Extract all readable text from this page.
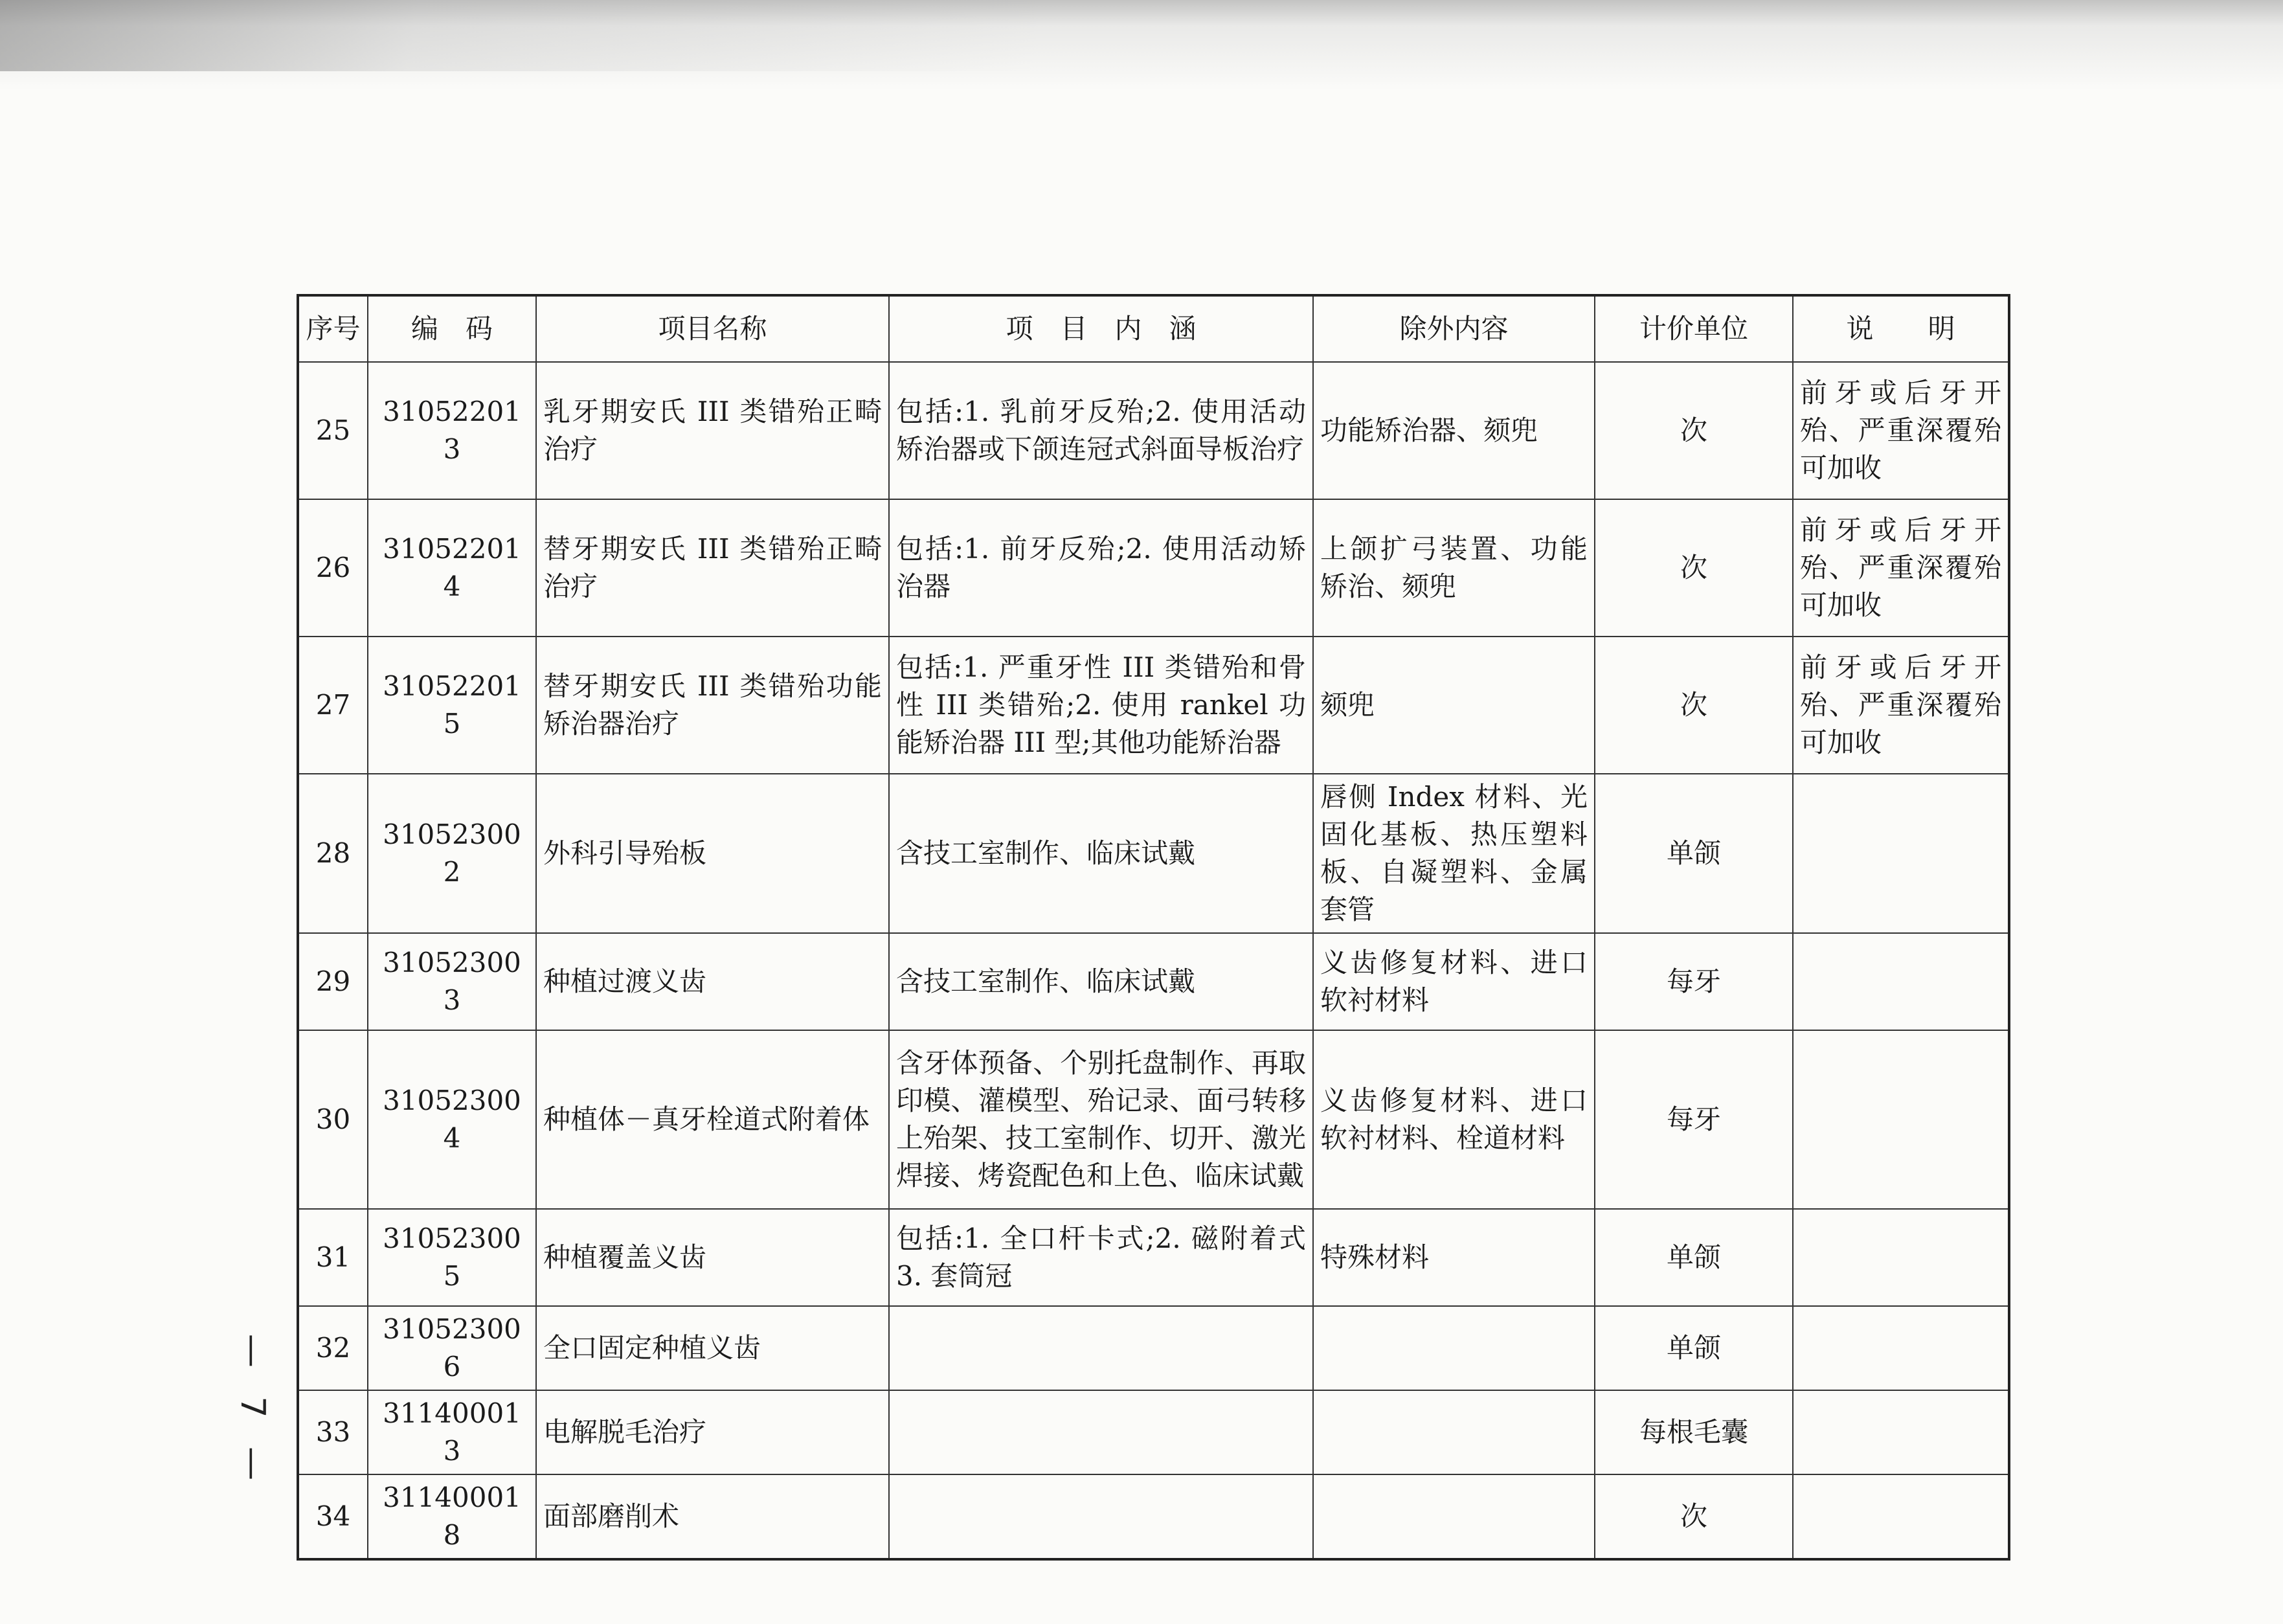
序号	编　码	项目名称	项　目　内　涵	除外内容	计价单位	说　　明
25	310522013	乳牙期安氏 III 类错殆正畸治疗	包括:1. 乳前牙反殆;2. 使用活动矫治器或下颌连冠式斜面导板治疗	功能矫治器、颏兜	次	前牙或后牙开殆、严重深覆殆可加收
26	310522014	替牙期安氏 III 类错殆正畸治疗	包括:1. 前牙反殆;2. 使用活动矫治器	上颌扩弓装置、功能矫治、颏兜	次	前牙或后牙开殆、严重深覆殆可加收
27	310522015	替牙期安氏 III 类错殆功能矫治器治疗	包括:1. 严重牙性 III 类错殆和骨性 III 类错殆;2. 使用 rankel 功能矫治器 III 型;其他功能矫治器	颏兜	次	前牙或后牙开殆、严重深覆殆可加收
28	310523002	外科引导殆板	含技工室制作、临床试戴	唇侧 Index 材料、光固化基板、热压塑料板、自凝塑料、金属套管	单颌	
29	310523003	种植过渡义齿	含技工室制作、临床试戴	义齿修复材料、进口软衬材料	每牙	
30	310523004	种植体－真牙栓道式附着体	含牙体预备、个别托盘制作、再取印模、灌模型、殆记录、面弓转移上殆架、技工室制作、切开、激光焊接、烤瓷配色和上色、临床试戴	义齿修复材料、进口软衬材料、栓道材料	每牙	
31	310523005	种植覆盖义齿	包括:1. 全口杆卡式;2. 磁附着式 3. 套筒冠	特殊材料	单颌	
32	310523006	全口固定种植义齿			单颌	
33	311400013	电解脱毛治疗			每根毛囊	
34	311400018	面部磨削术			次	
— 7 —
